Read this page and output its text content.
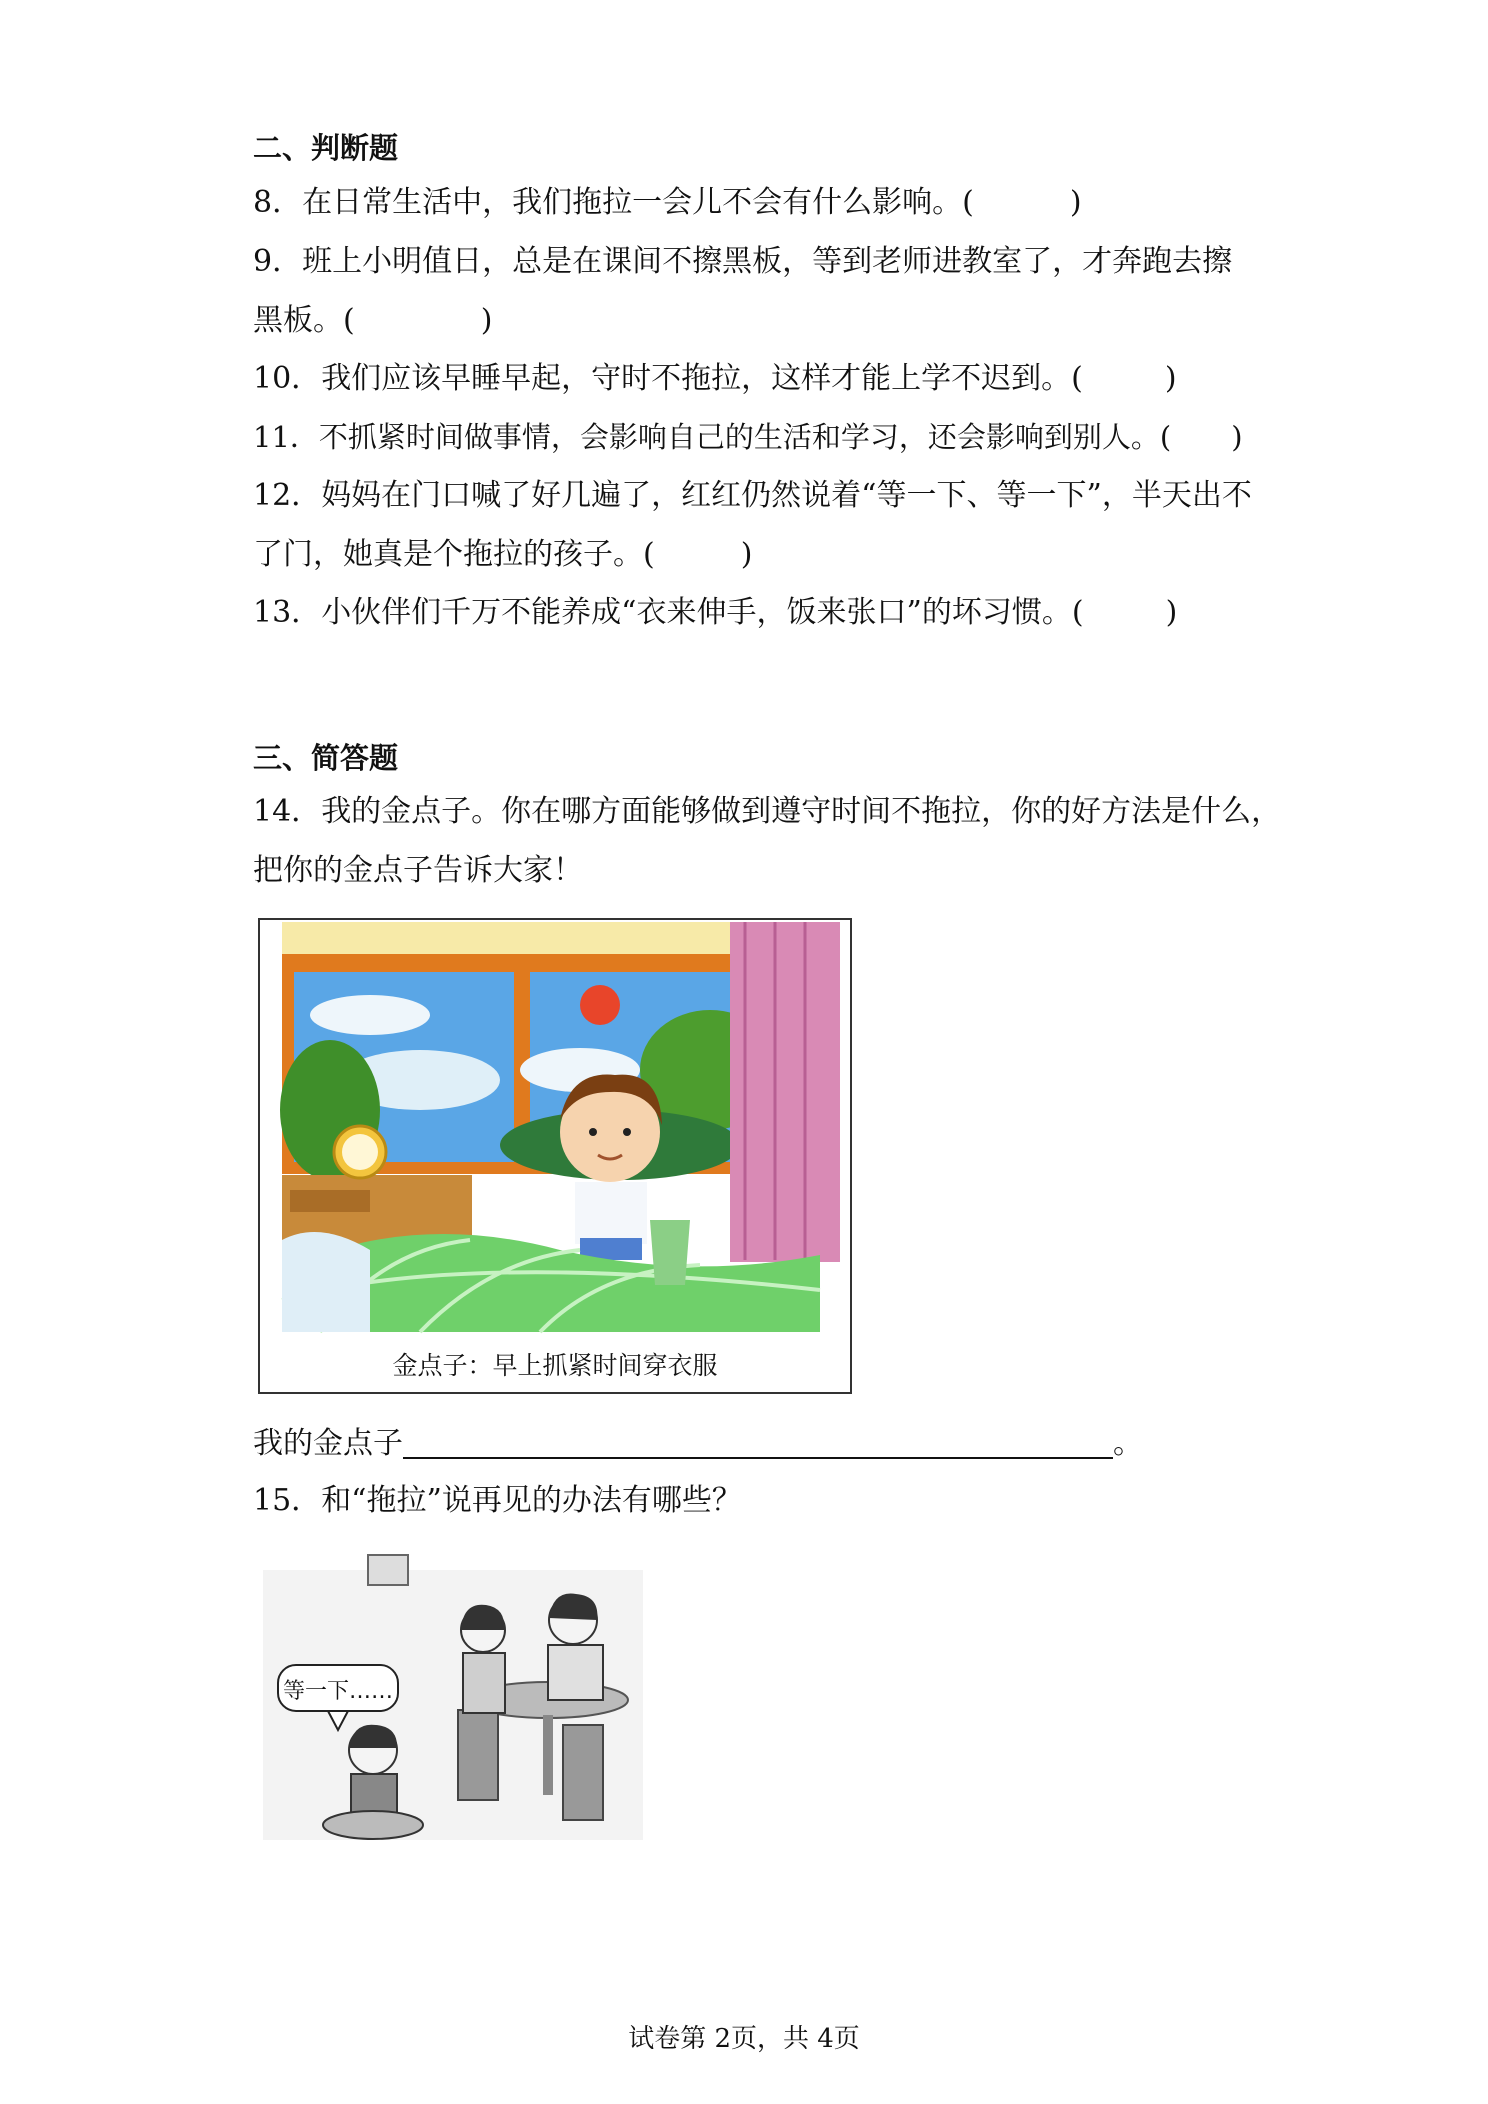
二、判断题
8．在日常生活中，我们拖拉一会儿不会有什么影响。(	)
9．班上小明值日，总是在课间不擦黑板，等到老师进教室了，才奔跑去擦
黑板。(	)
10．我们应该早睡早起，守时不拖拉，这样才能上学不迟到。(	)
11．不抓紧时间做事情，会影响自己的生活和学习，还会影响到别人。( )
12．妈妈在门口喊了好几遍了，红红仍然说着“等一下、等一下”，半天出不
了门，她真是个拖拉的孩子。(	)
13．小伙伴们千万不能养成“衣来伸手，饭来张口”的坏习惯。(	)
三、简答题
14．我的金点子。你在哪方面能够做到遵守时间不拖拉，你的好方法是什么，
把你的金点子告诉大家！
金点子：早上抓紧时间穿衣服
我的金点子	。
15．和“拖拉”说再见的办法有哪些？
等一下……
试卷第 2页，共 4页
